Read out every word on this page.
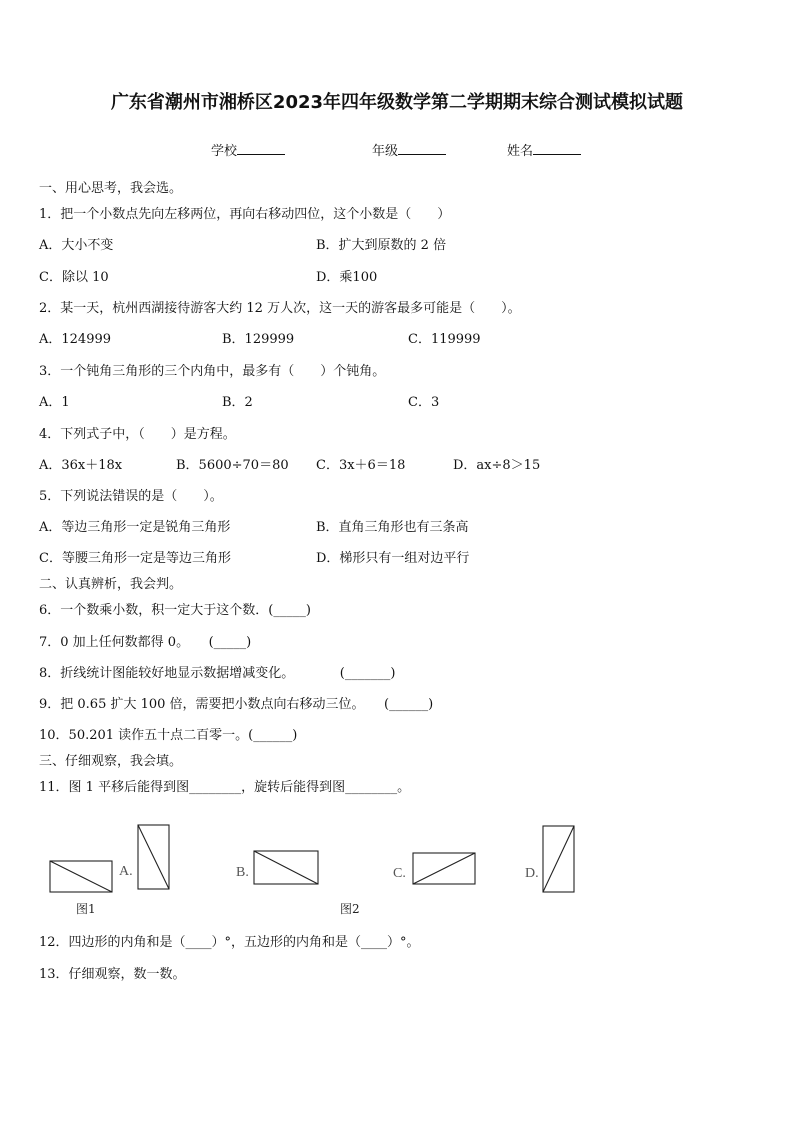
广东省潮州市湘桥区2023年四年级数学第二学期期末综合测试模拟试题
学校	年级	姓名
一、用心思考，我会选。
1．把一个小数点先向左移两位，再向右移动四位，这个小数是（　　）
A．大小不变	B．扩大到原数的 2 倍
C．除以 10	D．乘100
2．某一天，杭州西湖接待游客大约 12 万人次，这一天的游客最多可能是（　　）。
A．124999	B．129999	C．119999
3．一个钝角三角形的三个内角中，最多有（　　）个钝角。
A．1	B．2	C．3
4．下列式子中，（　　）是方程。
A．36x＋18x	B．5600÷70＝80 C．3x＋6＝18	D．ax÷8＞15
5．下列说法错误的是（　　）。
A．等边三角形一定是锐角三角形	B．直角三角形也有三条高
C．等腰三角形一定是等边三角形	D．梯形只有一组对边平行
二、认真辨析，我会判。
6．一个数乘小数，积一定大于这个数．(_____)
7．0 加上任何数都得 0。　　(_____)
8．折线统计图能较好地显示数据增减变化。　　　　(_______)
9．把 0.65 扩大 100 倍，需要把小数点向右移动三位。　　(______)
10．50.201 读作五十点二百零一。(______)
三、仔细观察，我会填。
11．图 1 平移后能得到图________，旋转后能得到图________。
A.	B.	C.	D.
图1	图2
12．四边形的内角和是（____）°，五边形的内角和是（____）°。
13．仔细观察，数一数。
